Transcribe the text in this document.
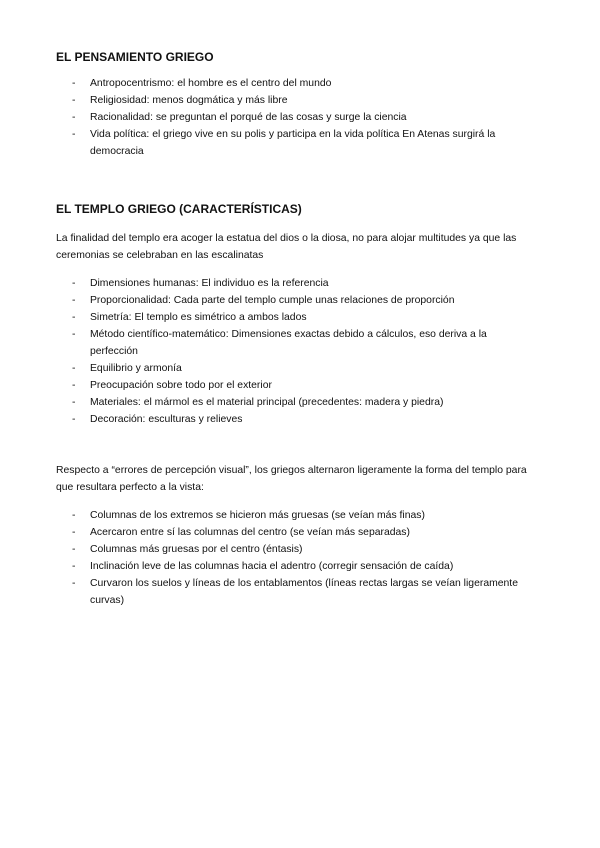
EL PENSAMIENTO GRIEGO
- Antropocentrismo: el hombre es el centro del mundo
- Religiosidad: menos dogmática y más libre
- Racionalidad: se preguntan el porqué de las cosas y surge la ciencia
- Vida política: el griego vive en su polis y participa en la vida política En Atenas surgirá la democracia
EL TEMPLO GRIEGO (CARACTERÍSTICAS)

La finalidad del templo era acoger la estatua del dios o la diosa, no para alojar multitudes ya que las ceremonias se celebraban en las escalinatas

- Dimensiones humanas: El individuo es la referencia
- Proporcionalidad: Cada parte del templo cumple unas relaciones de proporción
- Simetría: El templo es simétrico a ambos lados
- Método científico-matemático: Dimensiones exactas debido a cálculos, eso deriva a la perfección
- Equilibrio y armonía
- Preocupación sobre todo por el exterior
- Materiales: el mármol es el material principal (precedentes: madera y piedra)
- Decoración: esculturas y relieves

Respecto a “errores de percepción visual”, los griegos alternaron ligeramente la forma del templo para que resultara perfecto a la vista:

- Columnas de los extremos se hicieron más gruesas (se veían más finas)
- Acercaron entre sí las columnas del centro (se veían más separadas)
- Columnas más gruesas por el centro (éntasis)
- Inclinación leve de las columnas hacia el adentro (corregir sensación de caída)
- Curvaron los suelos y líneas de los entablamentos (líneas rectas largas se veían ligeramente curvas)
